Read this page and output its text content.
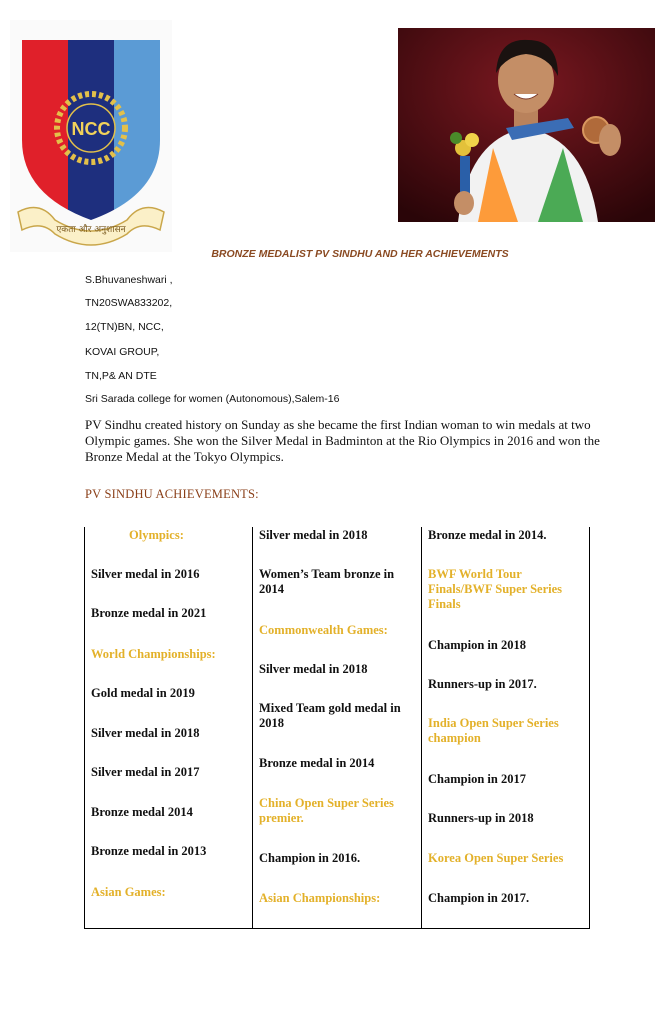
NCC
एकता और अनुशासन
BRONZE MEDALIST PV SINDHU AND HER ACHIEVEMENTS
S.Bhuvaneshwari ,
TN20SWA833202,
12(TN)BN, NCC,
KOVAI GROUP,
TN,P& AN DTE
Sri Sarada college for women (Autonomous),Salem-16
PV Sindhu created history on Sunday as she became the first Indian woman to win medals at two Olympic games. She won the Silver Medal in Badminton at the Rio Olympics in 2016 and won the Bronze Medal at the Tokyo Olympics.
PV SINDHU ACHIEVEMENTS:
Olympics:
Silver medal in 2016
Bronze medal in 2021
World Championships:
Gold medal in 2019
Silver medal in 2018
Silver medal in 2017
Bronze medal 2014
Bronze medal in 2013
Asian Games:
Silver medal in 2018
Women’s Team bronze in 2014
Commonwealth Games:
Silver medal in 2018
Mixed Team gold medal in 2018
Bronze medal in 2014
China Open Super Series premier.
Champion in 2016.
Asian Championships:
Bronze medal in 2014.
BWF World Tour Finals/BWF Super Series Finals
Champion in 2018
Runners-up in 2017.
India Open Super Series champion
Champion in 2017
Runners-up in 2018
Korea Open Super Series
Champion in 2017.
